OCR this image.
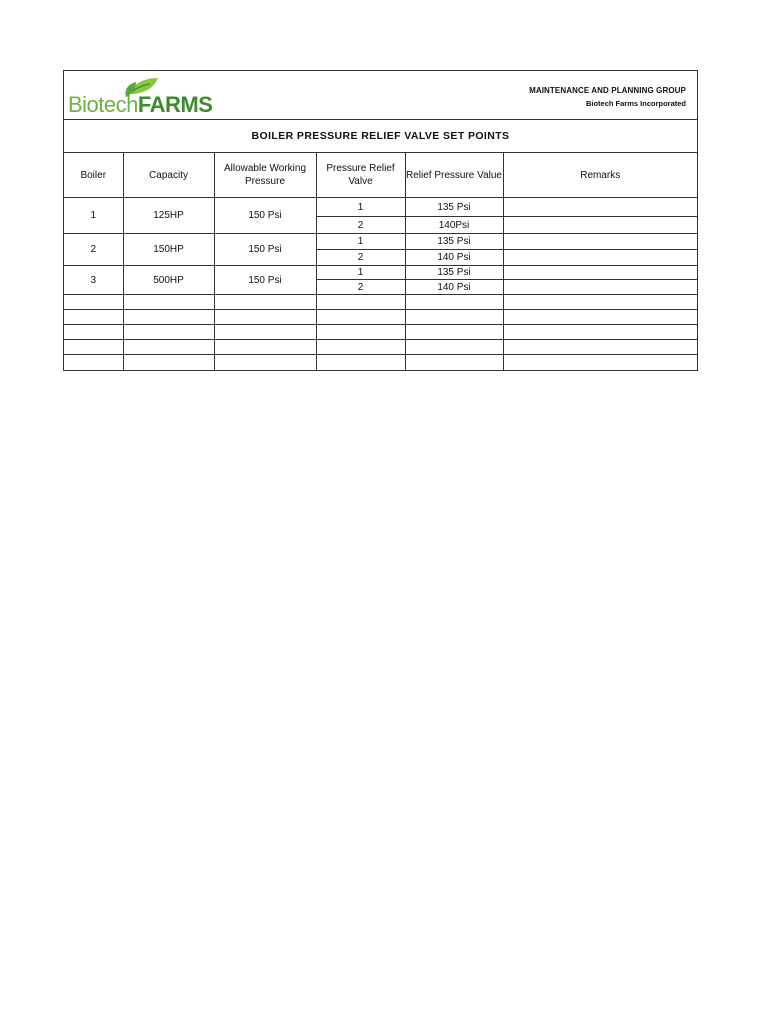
BiotechFARMS
MAINTENANCE AND PLANNING GROUP
Biotech Farms Incorporated
BOILER PRESSURE RELIEF VALVE SET POINTS
Boiler	Capacity	Allowable Working Pressure	Pressure Relief Valve	Relief Pressure Value	Remarks
1	125HP	150 Psi	1	135 Psi	
			2	140Psi	
2	150HP	150 Psi	1	135 Psi	
			2	140 Psi	
3	500HP	150 Psi	1	135 Psi	
			2	140 Psi	
